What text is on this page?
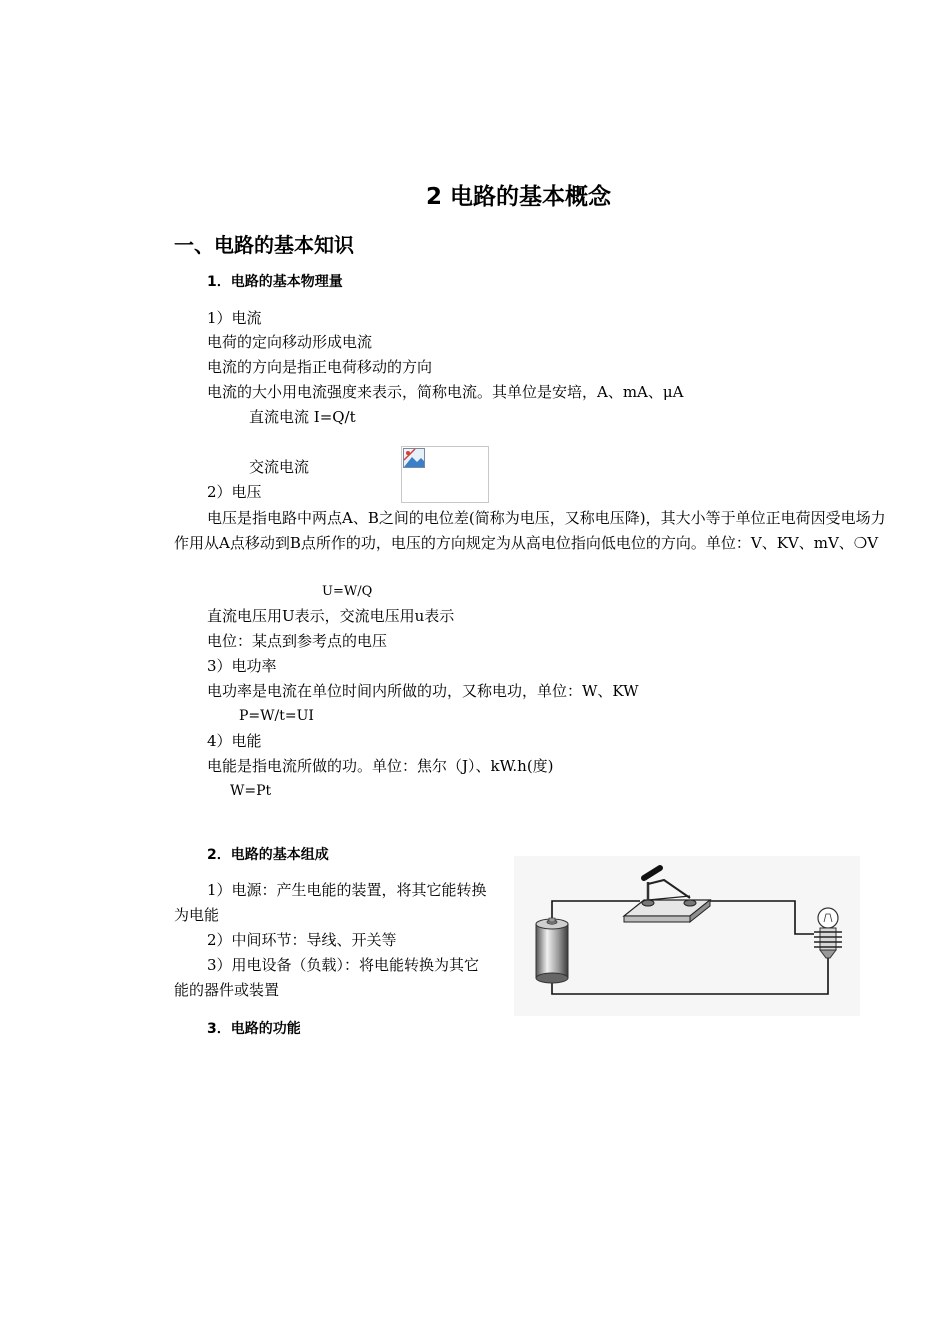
2 电路的基本概念
一、电路的基本知识
1．电路的基本物理量
1）电流
电荷的定向移动形成电流
电流的方向是指正电荷移动的方向
电流的大小用电流强度来表示，简称电流。其单位是安培，A、mA、μA
直流电流 I=Q/t
交流电流
2）电压
电压是指电路中两点A、B之间的电位差(简称为电压，又称电压降)，其大小等于单位正电荷因受电场力作用从A点移动到B点所作的功，电压的方向规定为从高电位指向低电位的方向。单位：V、KV、mV、❍V
U=W/Q
直流电压用U表示，交流电压用u表示
电位：某点到参考点的电压
3）电功率
电功率是电流在单位时间内所做的功，又称电功，单位：W、KW
P=W/t=UI
4）电能
电能是指电流所做的功。单位：焦尔（J）、kW.h(度)
W=Pt
2．电路的基本组成
1）电源：产生电能的装置，将其它能转换为电能
2）中间环节：导线、开关等
3）用电设备（负载）：将电能转换为其它能的器件或装置
3．电路的功能
